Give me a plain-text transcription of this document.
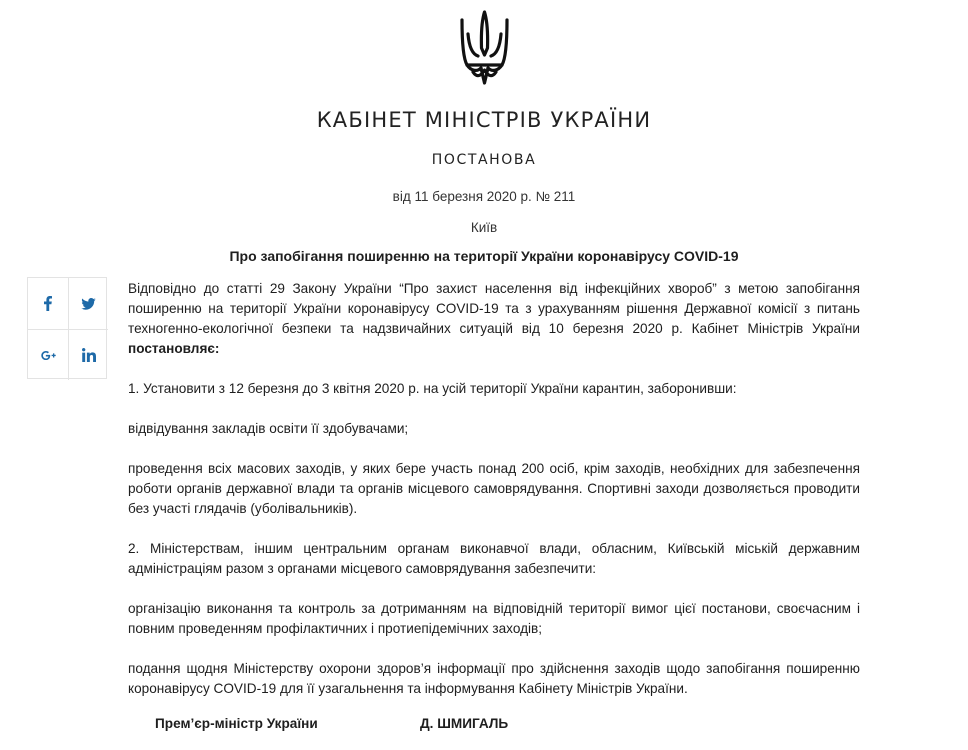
КАБІНЕТ МІНІСТРІВ УКРАЇНИ
ПОСТАНОВА
від 11 березня 2020 р. № 211
Київ
Про запобігання поширенню на території України коронавірусу COVID-19

Відповідно до статті 29 Закону України “Про захист населення від інфекційних хвороб” з метою запобігання поширенню на території України коронавірусу COVID-19 та з урахуванням рішення Державної комісії з питань техногенно-екологічної безпеки та надзвичайних ситуацій від 10 березня 2020 р. Кабінет Міністрів України постановляє:

1. Установити з 12 березня до 3 квітня 2020 р. на усій території України карантин, заборонивши:

відвідування закладів освіти її здобувачами;

проведення всіх масових заходів, у яких бере участь понад 200 осіб, крім заходів, необхідних для забезпечення роботи органів державної влади та органів місцевого самоврядування. Спортивні заходи дозволяється проводити без участі глядачів (уболівальників).

2. Міністерствам, іншим центральним органам виконавчої влади, обласним, Київській міській державним адміністраціям разом з органами місцевого самоврядування забезпечити:

організацію виконання та контроль за дотриманням на відповідній території вимог цієї постанови, своєчасним і повним проведенням профілактичних і протиепідемічних заходів;

подання щодня Міністерству охорони здоров’я інформації про здійснення заходів щодо запобігання поширенню коронавірусу COVID-19 для її узагальнення та інформування Кабінету Міністрів України.

Прем’єр-міністр України	Д. ШМИГАЛЬ
